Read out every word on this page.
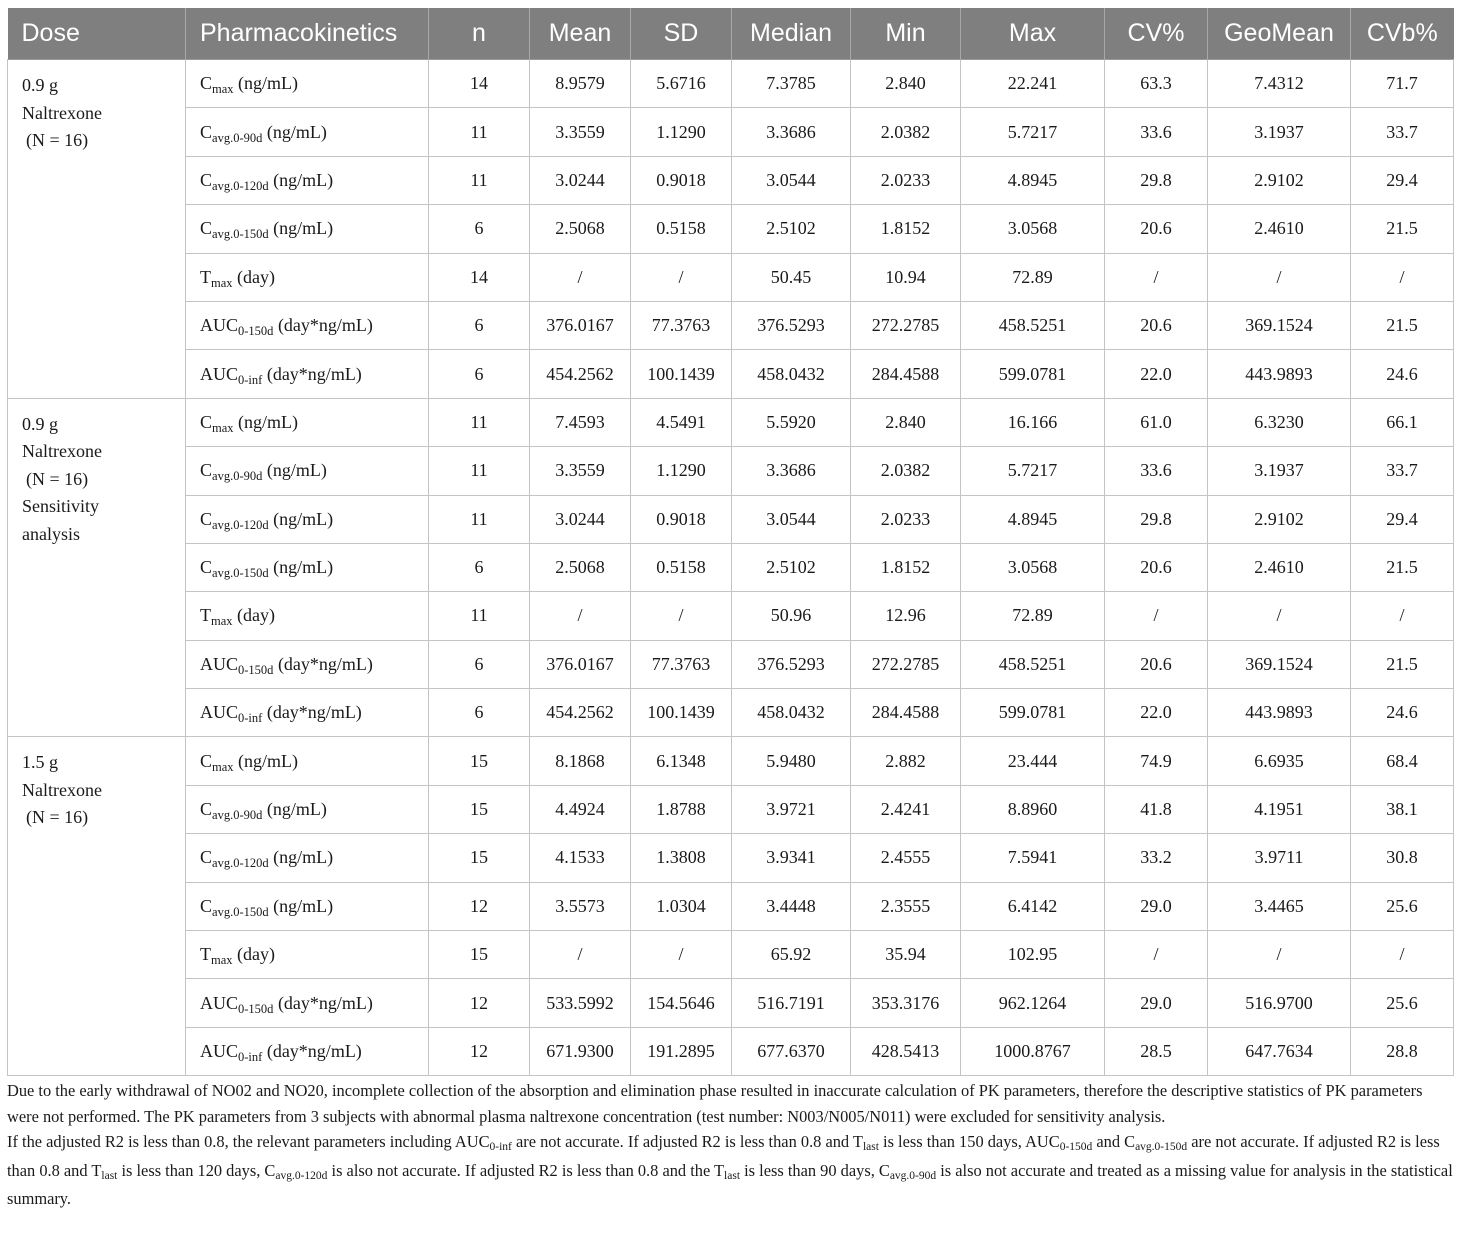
Dose	Pharmacokinetics	n	Mean	SD	Median	Min	Max	CV%	GeoMean	CVb%

0.9 g
Naltrexone
(N = 16)	$C_{max}$ (ng/mL)	14	8.9579	5.6716	7.3785	2.840	22.241	63.3	7.4312	71.7
	$C_{avg.0-90d}$ (ng/mL)	11	3.3559	1.1290	3.3686	2.0382	5.7217	33.6	3.1937	33.7
	$C_{avg.0-120d}$ (ng/mL)	11	3.0244	0.9018	3.0544	2.0233	4.8945	29.8	2.9102	29.4
	$C_{avg.0-150d}$ (ng/mL)	6	2.5068	0.5158	2.5102	1.8152	3.0568	20.6	2.4610	21.5
	$T_{max}$ (day)	14	/	/	50.45	10.94	72.89	/	/	/
	$AUC_{0-150d}$ (day*ng/mL)	6	376.0167	77.3763	376.5293	272.2785	458.5251	20.6	369.1524	21.5
	$AUC_{0-inf}$ (day*ng/mL)	6	454.2562	100.1439	458.0432	284.4588	599.0781	22.0	443.9893	24.6

0.9 g
Naltrexone
(N = 16)
Sensitivity
analysis	$C_{max}$ (ng/mL)	11	7.4593	4.5491	5.5920	2.840	16.166	61.0	6.3230	66.1
	$C_{avg.0-90d}$ (ng/mL)	11	3.3559	1.1290	3.3686	2.0382	5.7217	33.6	3.1937	33.7
	$C_{avg.0-120d}$ (ng/mL)	11	3.0244	0.9018	3.0544	2.0233	4.8945	29.8	2.9102	29.4
	$C_{avg.0-150d}$ (ng/mL)	6	2.5068	0.5158	2.5102	1.8152	3.0568	20.6	2.4610	21.5
	$T_{max}$ (day)	11	/	/	50.96	12.96	72.89	/	/	/
	$AUC_{0-150d}$ (day*ng/mL)	6	376.0167	77.3763	376.5293	272.2785	458.5251	20.6	369.1524	21.5
	$AUC_{0-inf}$ (day*ng/mL)	6	454.2562	100.1439	458.0432	284.4588	599.0781	22.0	443.9893	24.6

1.5 g
Naltrexone
(N = 16)	$C_{max}$ (ng/mL)	15	8.1868	6.1348	5.9480	2.882	23.444	74.9	6.6935	68.4
	$C_{avg.0-90d}$ (ng/mL)	15	4.4924	1.8788	3.9721	2.4241	8.8960	41.8	4.1951	38.1
	$C_{avg.0-120d}$ (ng/mL)	15	4.1533	1.3808	3.9341	2.4555	7.5941	33.2	3.9711	30.8
	$C_{avg.0-150d}$ (ng/mL)	12	3.5573	1.0304	3.4448	2.3555	6.4142	29.0	3.4465	25.6
	$T_{max}$ (day)	15	/	/	65.92	35.94	102.95	/	/	/
	$AUC_{0-150d}$ (day*ng/mL)	12	533.5992	154.5646	516.7191	353.3176	962.1264	29.0	516.9700	25.6
	$AUC_{0-inf}$ (day*ng/mL)	12	671.9300	191.2895	677.6370	428.5413	1000.8767	28.5	647.7634	28.8

Due to the early withdrawal of NO02 and NO20, incomplete collection of the absorption and elimination phase resulted in inaccurate calculation of PK parameters, therefore the descriptive statistics of PK parameters were not performed. The PK parameters from 3 subjects with abnormal plasma naltrexone concentration (test number: N003/N005/N011) were excluded for sensitivity analysis.

If the adjusted R2 is less than 0.8, the relevant parameters including AUC0-inf are not accurate. If adjusted R2 is less than 0.8 and Tlast is less than 150 days, AUC0-150d and Cavg.0-150d are not accurate. If adjusted R2 is less than 0.8 and Tlast is less than 120 days, Cavg.0-120d is also not accurate. If adjusted R2 is less than 0.8 and the Tlast is less than 90 days, Cavg.0-90d is also not accurate and treated as a missing value for analysis in the statistical summary.
